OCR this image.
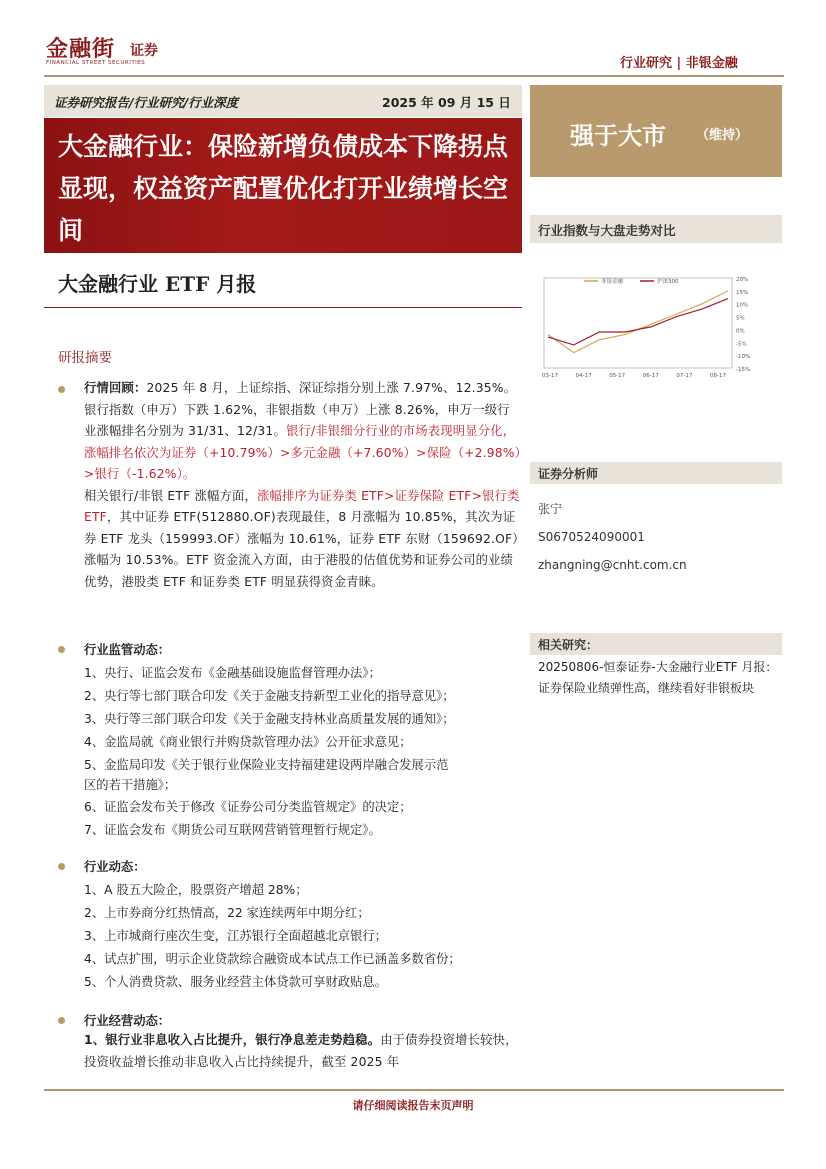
金融街 证券
FINANCIAL STREET SECURITIES	行业研究 | 非银金融
证券研究报告/行业研究/行业深度	2025 年 09 月 15 日
大金融行业：保险新增负债成本下降拐点显现，权益资产配置优化打开业绩增长空间
强于大市 （维持）
大金融行业 ETF 月报
行业指数与大盘走势对比
20%
15%
10%
5%
0%
-5%
-10%
-15%
03-17	04-17	05-17	06-17	07-17	08-17
非银金融	沪深300
研报摘要
行情回顾：2025 年 8 月，上证综指、深证综指分别上涨 7.97%、12.35%。银行指数（申万）下跌 1.62%，非银指数（申万）上涨 8.26%，申万一级行业涨幅排名分别为 31/31、12/31。银行/非银细分行业的市场表现明显分化，涨幅排名依次为证券（+10.79%）>多元金融（+7.60%）>保险（+2.98%）>银行（-1.62%）。
相关银行/非银 ETF 涨幅方面，涨幅排序为证券类 ETF>证券保险 ETF>银行类 ETF，其中证券 ETF(512880.OF)表现最佳，8 月涨幅为 10.85%，其次为证券 ETF 龙头（159993.OF）涨幅为 10.61%，证券 ETF 东财（159692.OF）涨幅为 10.53%。ETF 资金流入方面，由于港股的估值优势和证券公司的业绩优势，港股类 ETF 和证券类 ETF 明显获得资金青睐。
行业监管动态：
1、央行、证监会发布《金融基础设施监督管理办法》；
2、央行等七部门联合印发《关于金融支持新型工业化的指导意见》；
3、央行等三部门联合印发《关于金融支持林业高质量发展的通知》；
4、金监局就《商业银行并购贷款管理办法》公开征求意见；
5、金监局印发《关于银行业保险业支持福建建设两岸融合发展示范
区的若干措施》；
6、证监会发布关于修改《证券公司分类监管规定》的决定；
7、证监会发布《期货公司互联网营销管理暂行规定》。
行业动态：
1、A 股五大险企，股票资产增超 28%；
2、上市券商分红热情高，22 家连续两年中期分红；
3、上市城商行座次生变，江苏银行全面超越北京银行；
4、试点扩围，明示企业贷款综合融资成本试点工作已涵盖多数省份；
5、个人消费贷款、服务业经营主体贷款可享财政贴息。
行业经营动态：
1、银行业非息收入占比提升，银行净息差走势趋稳。由于债券投资增长较快，投资收益增长推动非息收入占比持续提升，截至 2025 年
证券分析师
张宁
S0670524090001
zhangning@cnht.com.cn
相关研究：
20250806-恒泰证券-大金融行业ETF 月报：证券保险业绩弹性高，继续看好非银板块
请仔细阅读报告末页声明
